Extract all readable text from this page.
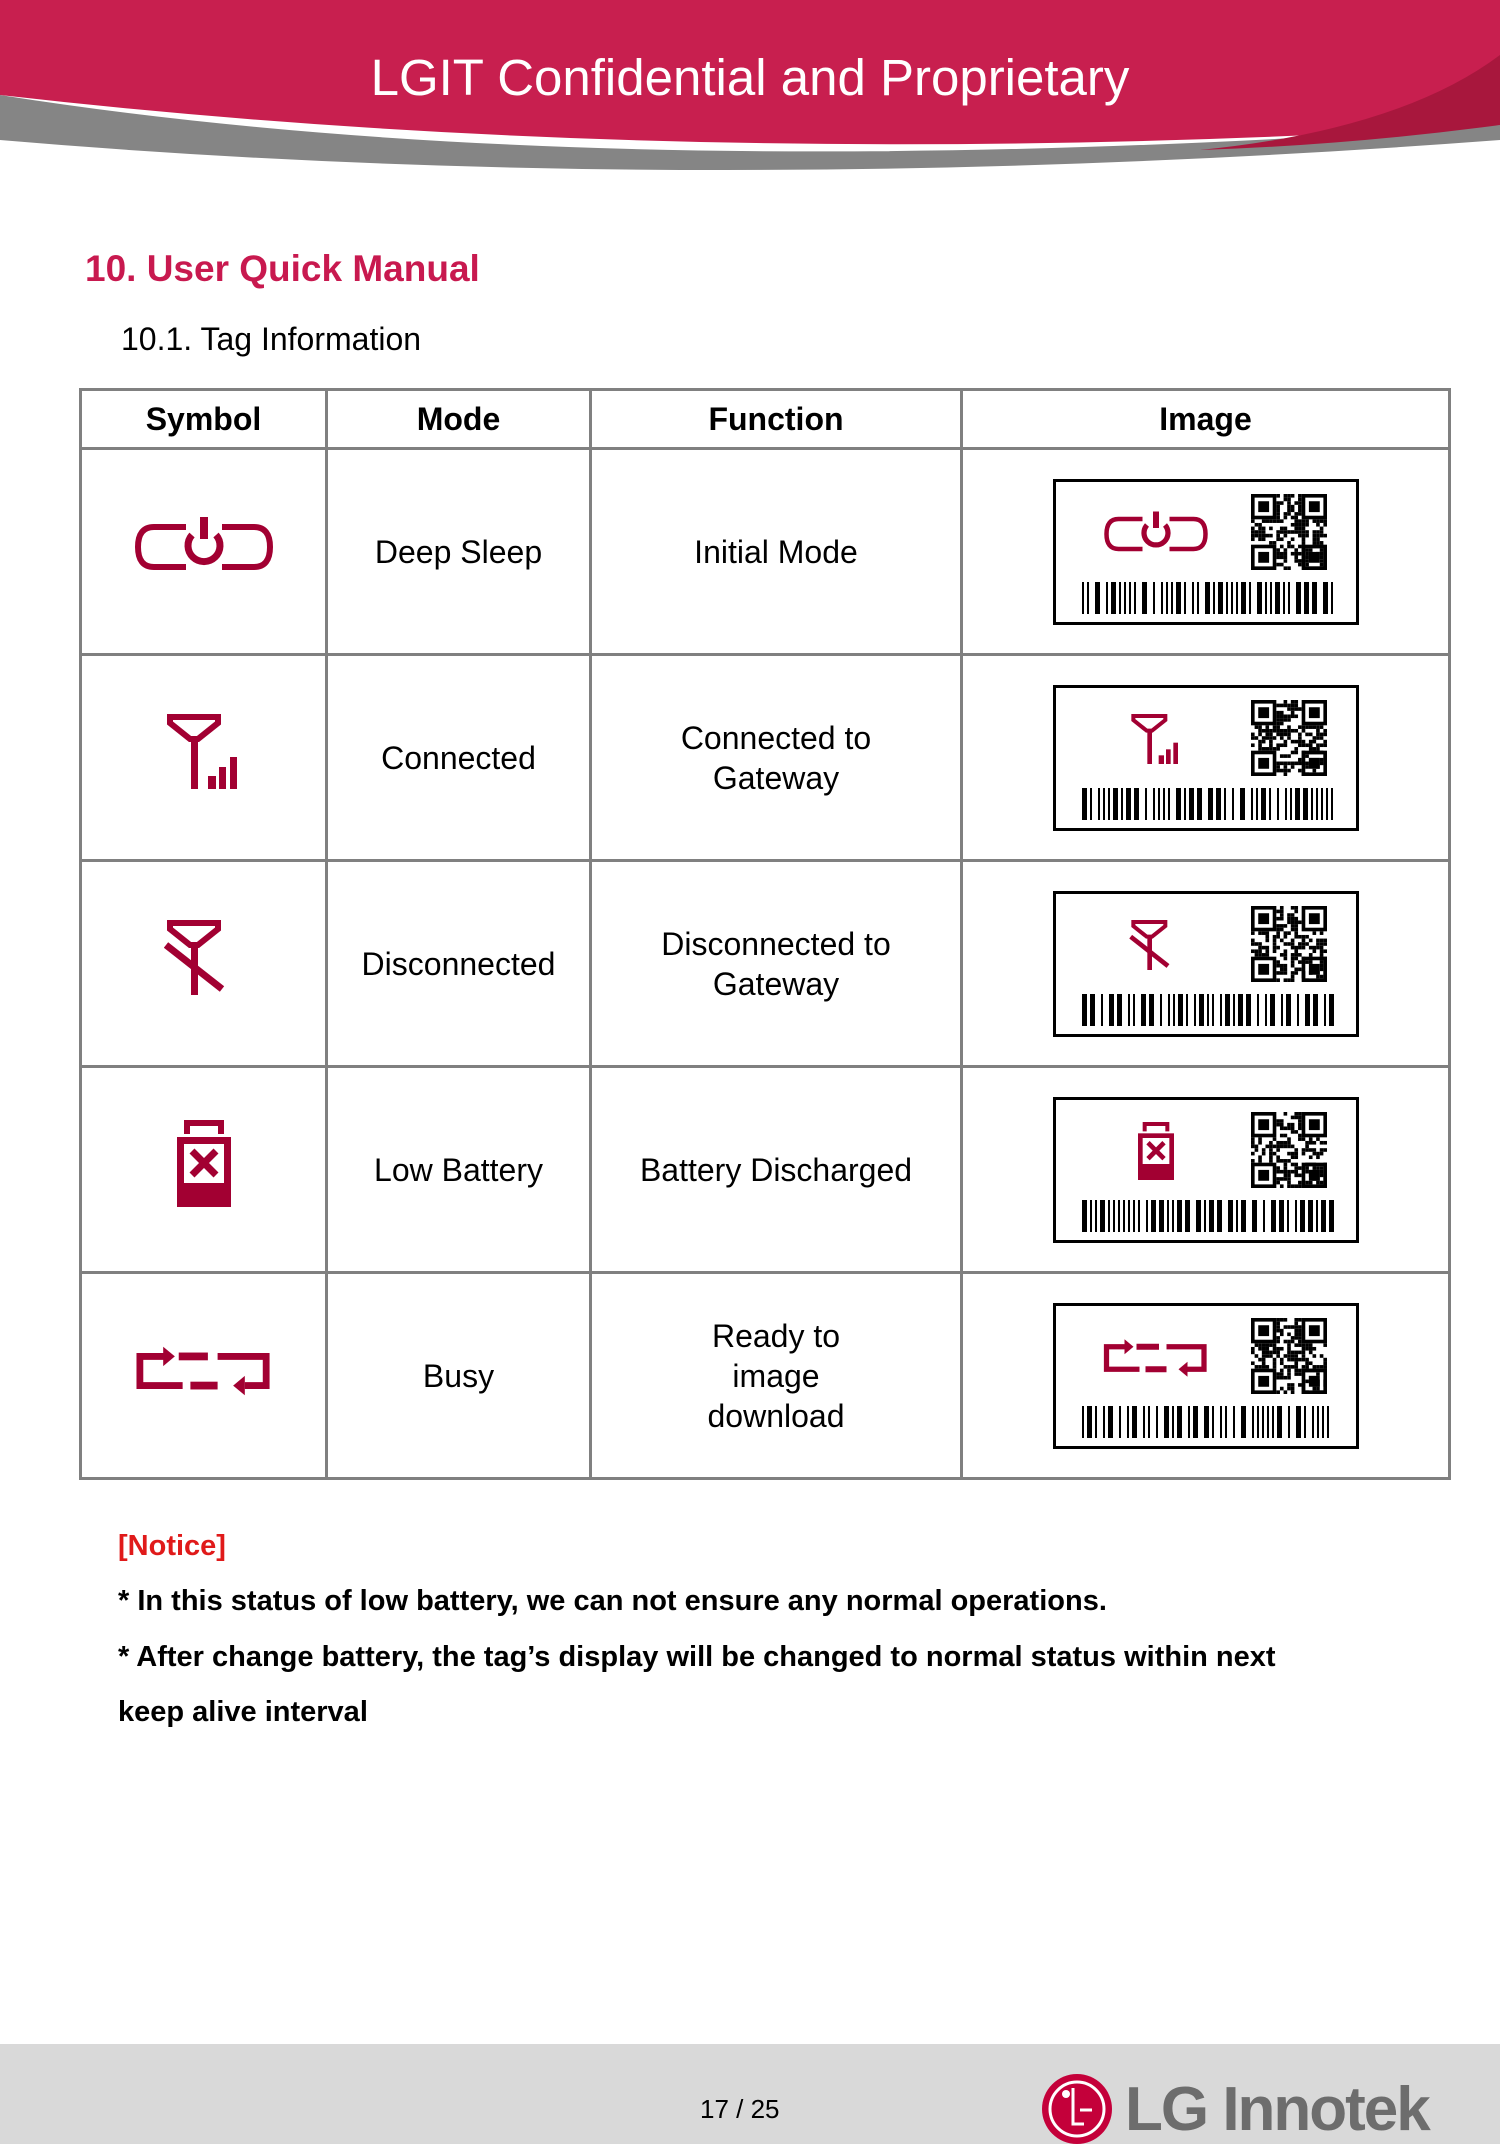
LGIT Confidential and Proprietary
10. User Quick Manual
10.1. Tag Information
Symbol	Mode	Function	Image
	Deep Sleep	Initial Mode	

	Connected	Connected to Gateway	

	Disconnected	Disconnected to Gateway	

	Low Battery	Battery Discharged	

	Busy	Ready to image download	
[Notice]
* In this status of low battery, we can not ensure any normal operations.
* After change battery, the tag’s display will be changed to normal status within next
keep alive interval
17 / 25	LG Innotek
